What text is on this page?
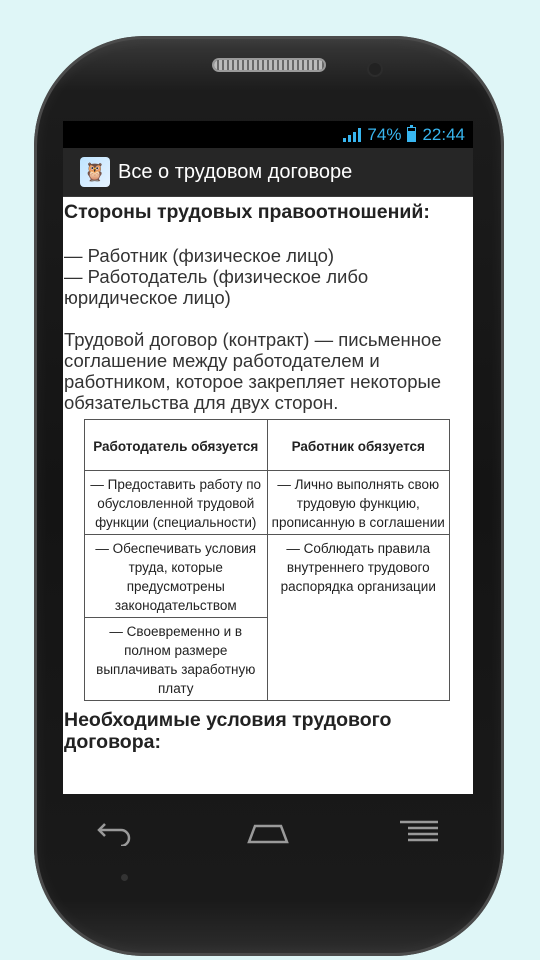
74% 22:44
🦉 Все о трудовом договоре

Стороны трудовых правоотношений:

— Работник (физическое лицо)

— Работодатель (физическое либо юридическое лицо)

Трудовой договор (контракт) — письменное соглашение между работодателем и работником, которое закрепляет некоторые обязательства для двух сторон.

Работодатель обязуется	Работник обязуется
— Предоставить работу по обусловленной трудовой функции (специальности)	— Лично выполнять свою трудовую функцию, прописанную в соглашении
— Обеспечивать условия труда, которые предусмотрены законодательством	— Соблюдать правила внутреннего трудового распорядка организации
— Своевременно и в полном размере выплачивать заработную плату	

Необходимые условия трудового договора:
